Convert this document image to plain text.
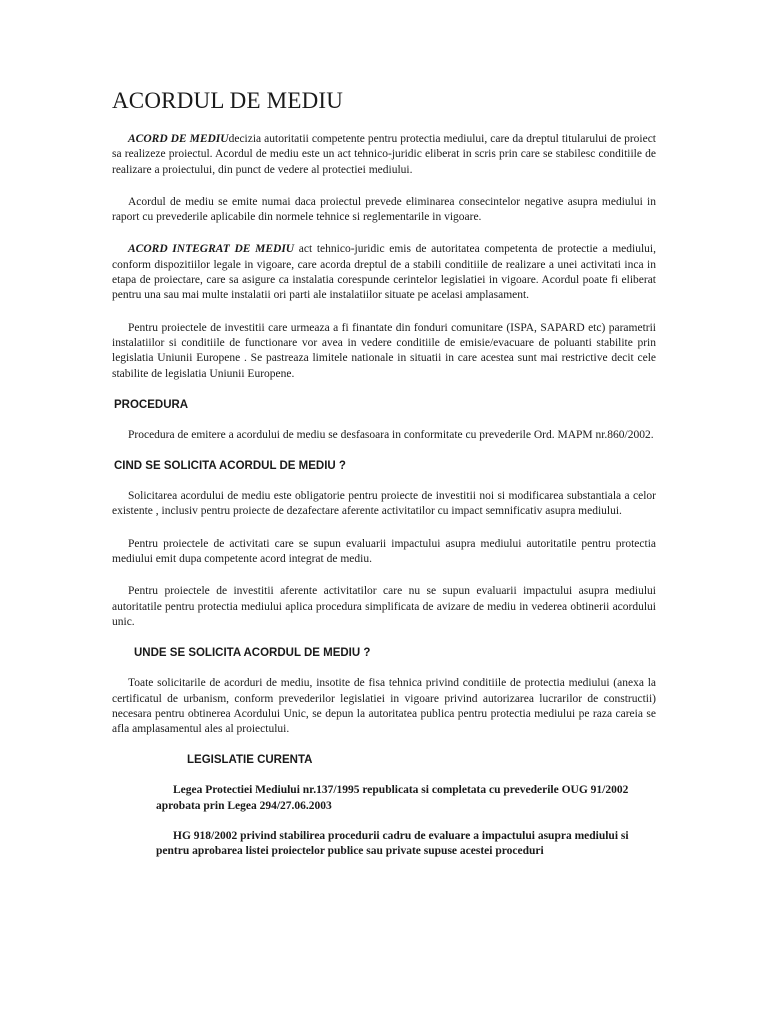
ACORDUL DE MEDIU

ACORD DE MEDIUdecizia autoritatii competente pentru protectia mediului, care da dreptul titularului de proiect sa realizeze proiectul. Acordul de mediu este un act tehnico-juridic eliberat in scris prin care se stabilesc conditiile de realizare a proiectului, din punct de vedere al protectiei mediului.

Acordul de mediu se emite numai daca proiectul prevede eliminarea consecintelor negative asupra mediului in raport cu prevederile aplicabile din normele tehnice si reglementarile in vigoare.

ACORD INTEGRAT DE MEDIU act tehnico-juridic emis de autoritatea competenta de protectie a mediului, conform dispozitiilor legale in vigoare, care acorda dreptul de a stabili conditiile de realizare a unei activitati inca in etapa de proiectare, care sa asigure ca instalatia corespunde cerintelor legislatiei in vigoare. Acordul poate fi eliberat pentru una sau mai multe instalatii ori parti ale instalatiilor situate pe acelasi amplasament.

Pentru proiectele de investitii care urmeaza a fi finantate din fonduri comunitare (ISPA, SAPARD etc) parametrii instalatiilor si conditiile de functionare vor avea in vedere conditiile de emisie/evacuare de poluanti stabilite prin legislatia Uniunii Europene . Se pastreaza limitele nationale in situatii in care acestea sunt mai restrictive decit cele stabilite de legislatia Uniunii Europene.

PROCEDURA

Procedura de emitere a acordului de mediu se desfasoara in conformitate cu prevederile Ord. MAPM nr.860/2002.

CIND SE SOLICITA ACORDUL DE MEDIU ?

Solicitarea acordului de mediu este obligatorie pentru proiecte de investitii noi si modificarea substantiala a celor existente , inclusiv pentru proiecte de dezafectare aferente activitatilor cu impact semnificativ asupra mediului.

Pentru proiectele de activitati care se supun evaluarii impactului asupra mediului autoritatile pentru protectia mediului emit dupa competente acord integrat de mediu.

Pentru proiectele de investitii aferente activitatilor care nu se supun evaluarii impactului asupra mediului autoritatile pentru protectia mediului aplica procedura simplificata de avizare de mediu in vederea obtinerii acordului unic.

UNDE SE SOLICITA ACORDUL DE MEDIU ?

Toate solicitarile de acorduri de mediu, insotite de fisa tehnica privind conditiile de protectia mediului (anexa la certificatul de urbanism, conform prevederilor legislatiei in vigoare privind autorizarea lucrarilor de constructii) necesara pentru obtinerea Acordului Unic, se depun la autoritatea publica pentru protectia mediului pe raza careia se afla amplasamentul ales al proiectului.

LEGISLATIE CURENTA
Legea Protectiei Mediului nr.137/1995 republicata si completata cu prevederile OUG 91/2002 aprobata prin Legea 294/27.06.2003
HG 918/2002 privind stabilirea procedurii cadru de evaluare a impactului asupra mediului si pentru aprobarea listei proiectelor publice sau private supuse acestei proceduri
